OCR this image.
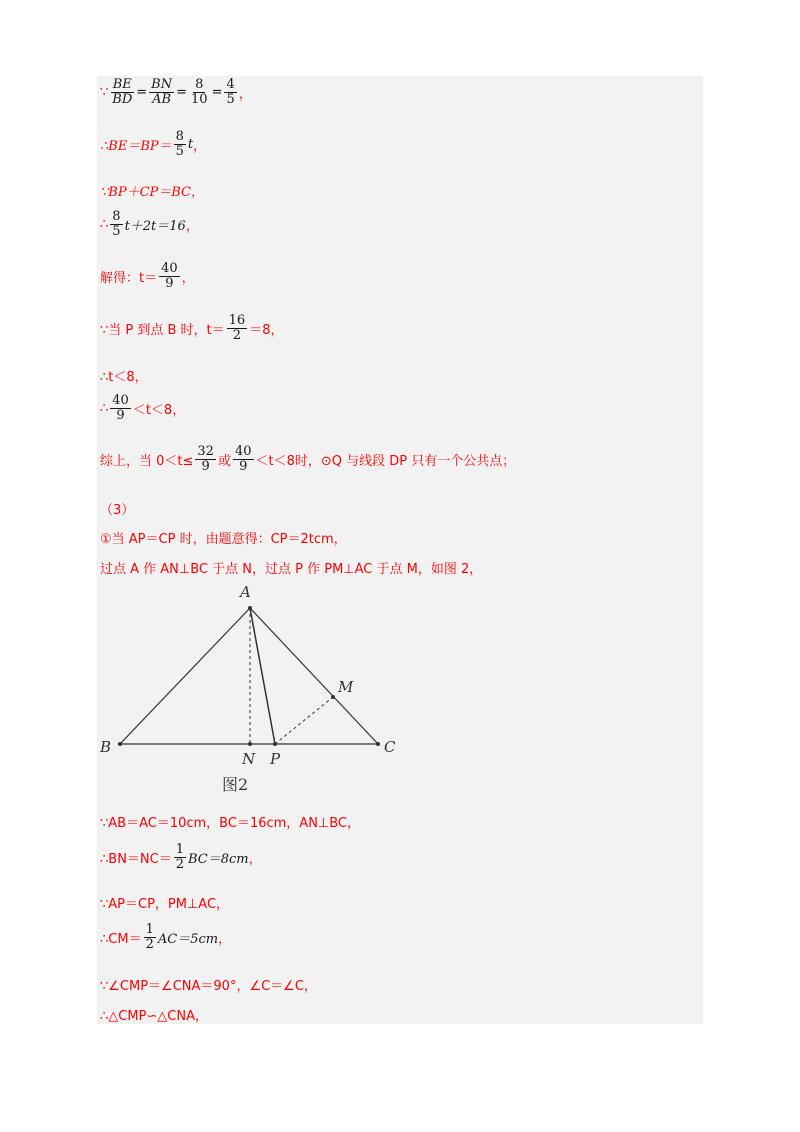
∵ $\frac{BE}{BD} = \frac{BN}{AB} = \frac{8}{10} = \frac{4}{5}$ ，
∴BE＝BP＝ $\frac{8}{5}$ t ，
∵BP＋CP＝BC，
∴ $\frac{8}{5} t+2t=16$ ，
解得：$t= \frac{40}{9}$ ，
∵当 P 到点 B 时，$t= \frac{16}{2} =8$，
∴t＜8，
∴ $\frac{40}{9} <t<8$，
综上，当 $0<t\le \frac{32}{9}$ 或 $\frac{40}{9} <t<8$ 时，⊙Q 与线段 DP 只有一个公共点；
（3）
①当 AP＝CP 时，由题意得：CP＝2tcm，
过点 A 作 AN⊥BC 于点 N，过点 P 作 PM⊥AC 于点 M，如图 2，
A
B	C
M
N P
图2
∵AB＝AC＝10cm，BC＝16cm，AN⊥BC，
∴BN＝NC＝ $\frac{1}{2} BC=8cm$ ，
∵AP＝CP，PM⊥AC，
∴CM＝ $\frac{1}{2} AC=5cm$ ，
∵∠CMP＝∠CNA＝90°，∠C＝∠C，
∴△CMP∽△CNA，
